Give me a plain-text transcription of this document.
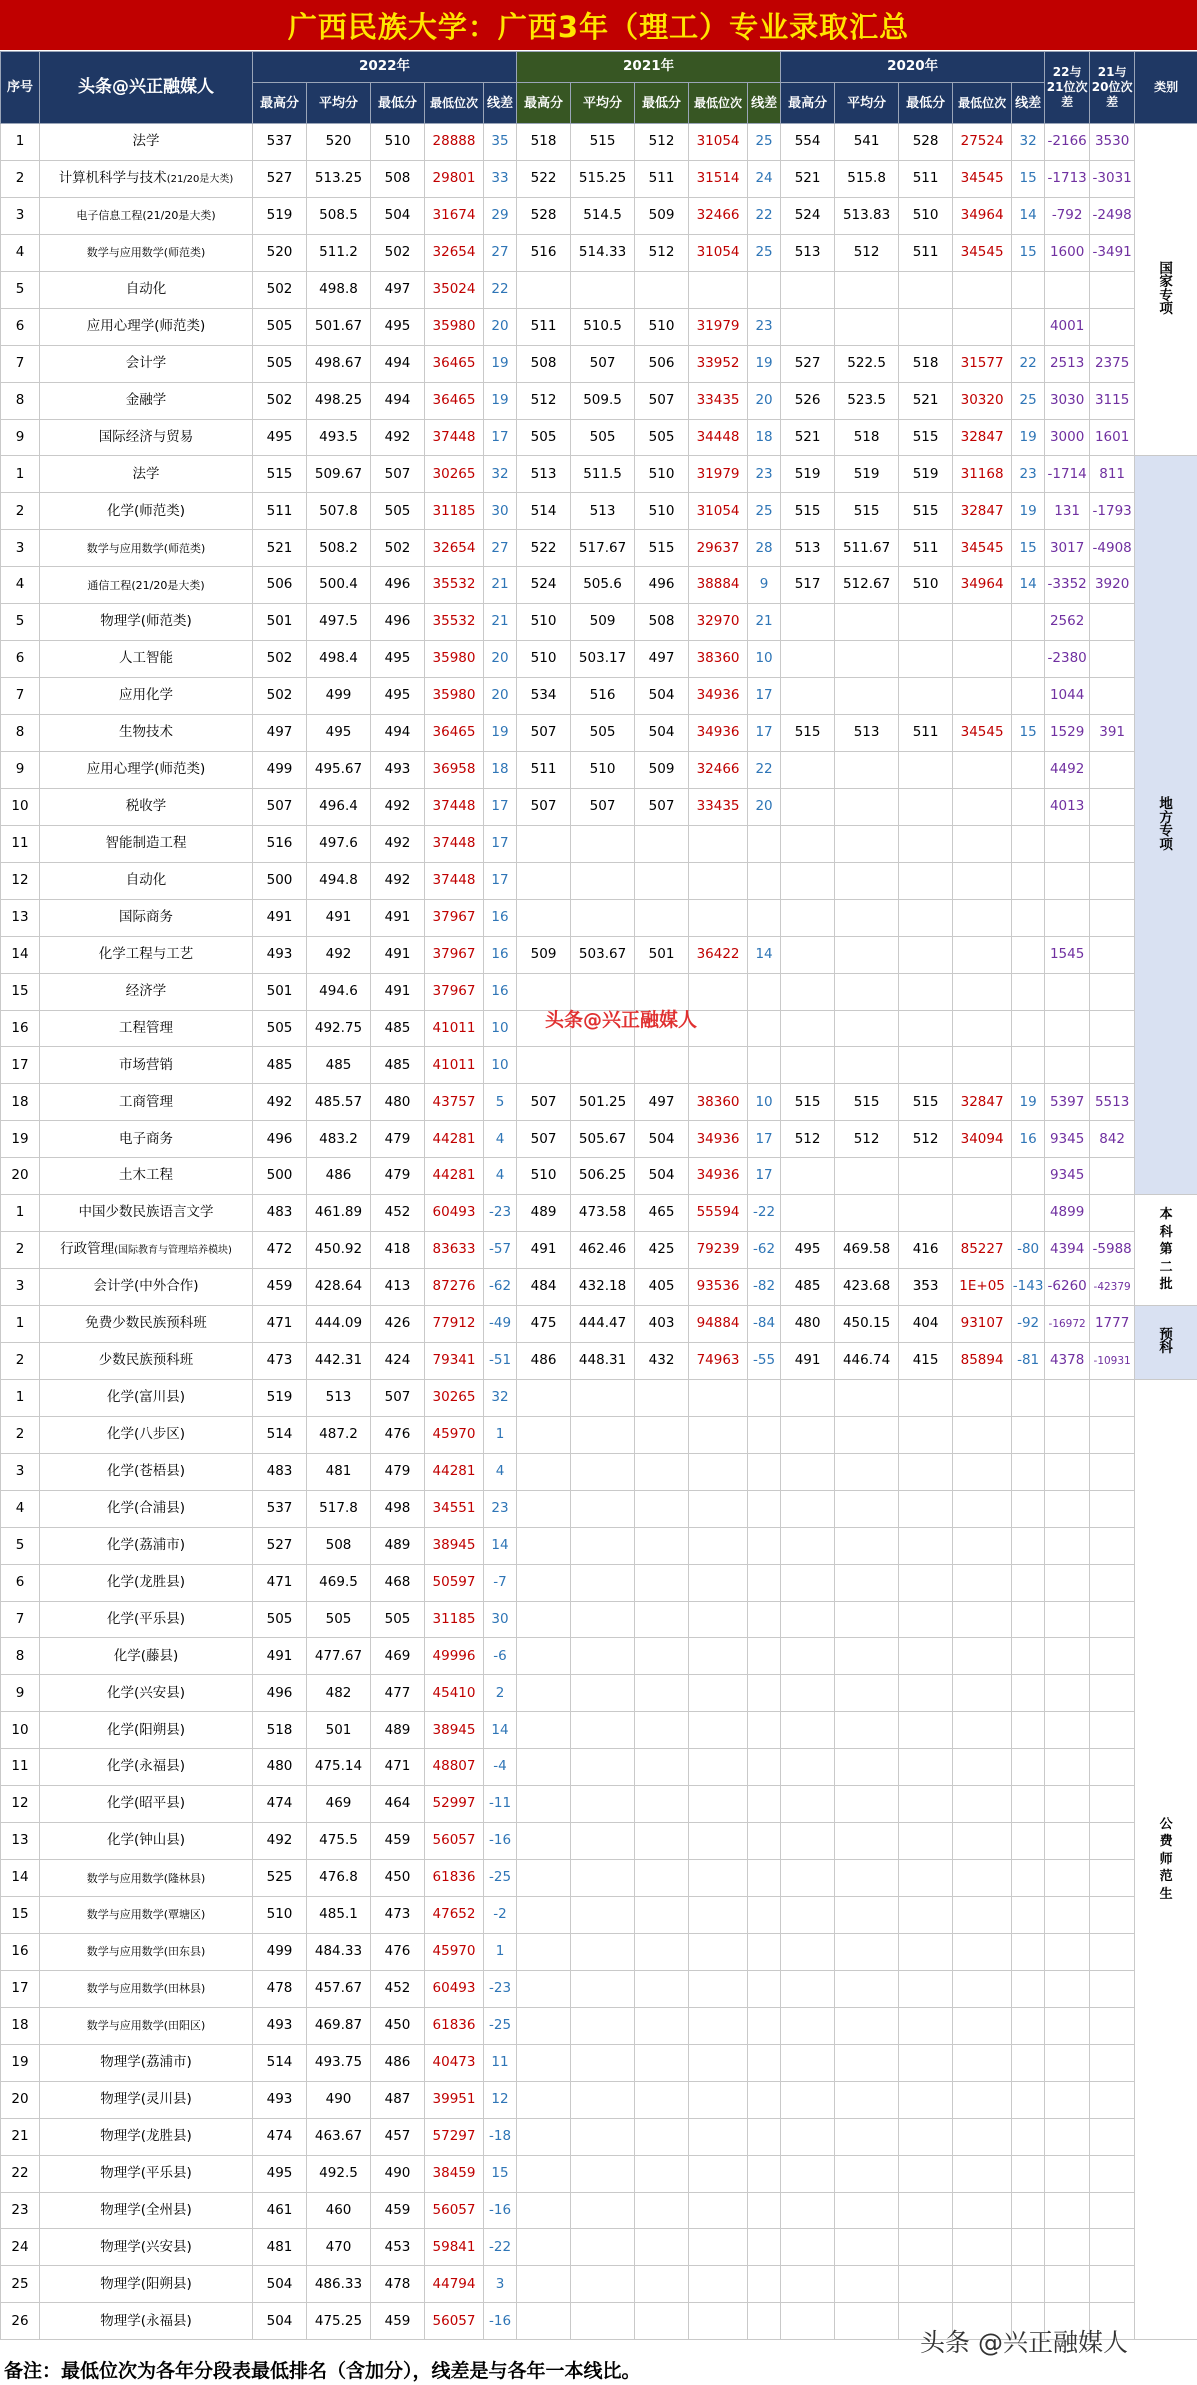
广西民族大学：广西3年（理工）专业录取汇总
序号	头条@兴正融媒人	2022年					2021年					2020年					22与21位次差	21与20位次差	类别
		最高分	平均分	最低分	最低位次	线差	最高分	平均分	最低分	最低位次	线差	最高分	平均分	最低分	最低位次	线差			
1	法学	537	520	510	28888	35	518	515	512	31054	25	554	541	528	27524	32	-2166	3530	国家专项
2	计算机科学与技术(21/20是大类)	527	513.25	508	29801	33	522	515.25	511	31514	24	521	515.8	511	34545	15	-1713	-3031	
3	电子信息工程(21/20是大类)	519	508.5	504	31674	29	528	514.5	509	32466	22	524	513.83	510	34964	14	-792	-2498	
4	数学与应用数学(师范类)	520	511.2	502	32654	27	516	514.33	512	31054	25	513	512	511	34545	15	1600	-3491	
5	自动化	502	498.8	497	35024	22													
6	应用心理学(师范类)	505	501.67	495	35980	20	511	510.5	510	31979	23						4001		
7	会计学	505	498.67	494	36465	19	508	507	506	33952	19	527	522.5	518	31577	22	2513	2375	
8	金融学	502	498.25	494	36465	19	512	509.5	507	33435	20	526	523.5	521	30320	25	3030	3115	
9	国际经济与贸易	495	493.5	492	37448	17	505	505	505	34448	18	521	518	515	32847	19	3000	1601	
1	法学	515	509.67	507	30265	32	513	511.5	510	31979	23	519	519	519	31168	23	-1714	811	地方专项
2	化学(师范类)	511	507.8	505	31185	30	514	513	510	31054	25	515	515	515	32847	19	131	-1793	
3	数学与应用数学(师范类)	521	508.2	502	32654	27	522	517.67	515	29637	28	513	511.67	511	34545	15	3017	-4908	
4	通信工程(21/20是大类)	506	500.4	496	35532	21	524	505.6	496	38884	9	517	512.67	510	34964	14	-3352	3920	
5	物理学(师范类)	501	497.5	496	35532	21	510	509	508	32970	21						2562		
6	人工智能	502	498.4	495	35980	20	510	503.17	497	38360	10						-2380		
7	应用化学	502	499	495	35980	20	534	516	504	34936	17						1044		
8	生物技术	497	495	494	36465	19	507	505	504	34936	17	515	513	511	34545	15	1529	391	
9	应用心理学(师范类)	499	495.67	493	36958	18	511	510	509	32466	22						4492		
10	税收学	507	496.4	492	37448	17	507	507	507	33435	20						4013		
11	智能制造工程	516	497.6	492	37448	17													
12	自动化	500	494.8	492	37448	17													
13	国际商务	491	491	491	37967	16													
14	化学工程与工艺	493	492	491	37967	16	509	503.67	501	36422	14						1545		
15	经济学	501	494.6	491	37967	16													
16	工程管理	505	492.75	485	41011	10													
17	市场营销	485	485	485	41011	10													
18	工商管理	492	485.57	480	43757	5	507	501.25	497	38360	10	515	515	515	32847	19	5397	5513	
19	电子商务	496	483.2	479	44281	4	507	505.67	504	34936	17	512	512	512	34094	16	9345	842	
20	土木工程	500	486	479	44281	4	510	506.25	504	34936	17						9345		
1	中国少数民族语言文学	483	461.89	452	60493	-23	489	473.58	465	55594	-22						4899		本科第二批
2	行政管理(国际教育与管理培养模块)	472	450.92	418	83633	-57	491	462.46	425	79239	-62	495	469.58	416	85227	-80	4394	-5988	
3	会计学(中外合作)	459	428.64	413	87276	-62	484	432.18	405	93536	-82	485	423.68	353	1E+05	-143	-6260	-42379	
1	免费少数民族预科班	471	444.09	426	77912	-49	475	444.47	403	94884	-84	480	450.15	404	93107	-92	-16972	1777	预科
2	少数民族预科班	473	442.31	424	79341	-51	486	448.31	432	74963	-55	491	446.74	415	85894	-81	4378	-10931	
1	化学(富川县)	519	513	507	30265	32													公费师范生
2	化学(八步区)	514	487.2	476	45970	1													
3	化学(苍梧县)	483	481	479	44281	4													
4	化学(合浦县)	537	517.8	498	34551	23													
5	化学(荔浦市)	527	508	489	38945	14													
6	化学(龙胜县)	471	469.5	468	50597	-7													
7	化学(平乐县)	505	505	505	31185	30													
8	化学(藤县)	491	477.67	469	49996	-6													
9	化学(兴安县)	496	482	477	45410	2													
10	化学(阳朔县)	518	501	489	38945	14													
11	化学(永福县)	480	475.14	471	48807	-4													
12	化学(昭平县)	474	469	464	52997	-11													
13	化学(钟山县)	492	475.5	459	56057	-16													
14	数学与应用数学(隆林县)	525	476.8	450	61836	-25													
15	数学与应用数学(覃塘区)	510	485.1	473	47652	-2													
16	数学与应用数学(田东县)	499	484.33	476	45970	1													
17	数学与应用数学(田林县)	478	457.67	452	60493	-23													
18	数学与应用数学(田阳区)	493	469.87	450	61836	-25													
19	物理学(荔浦市)	514	493.75	486	40473	11													
20	物理学(灵川县)	493	490	487	39951	12													
21	物理学(龙胜县)	474	463.67	457	57297	-18													
22	物理学(平乐县)	495	492.5	490	38459	15													
23	物理学(全州县)	461	460	459	56057	-16													
24	物理学(兴安县)	481	470	453	59841	-22													
25	物理学(阳朔县)	504	486.33	478	44794	3													
26	物理学(永福县)	504	475.25	459	56057	-16													
头条@兴正融媒人
头条 @兴正融媒人
备注：最低位次为各年分段表最低排名（含加分），线差是与各年一本线比。
